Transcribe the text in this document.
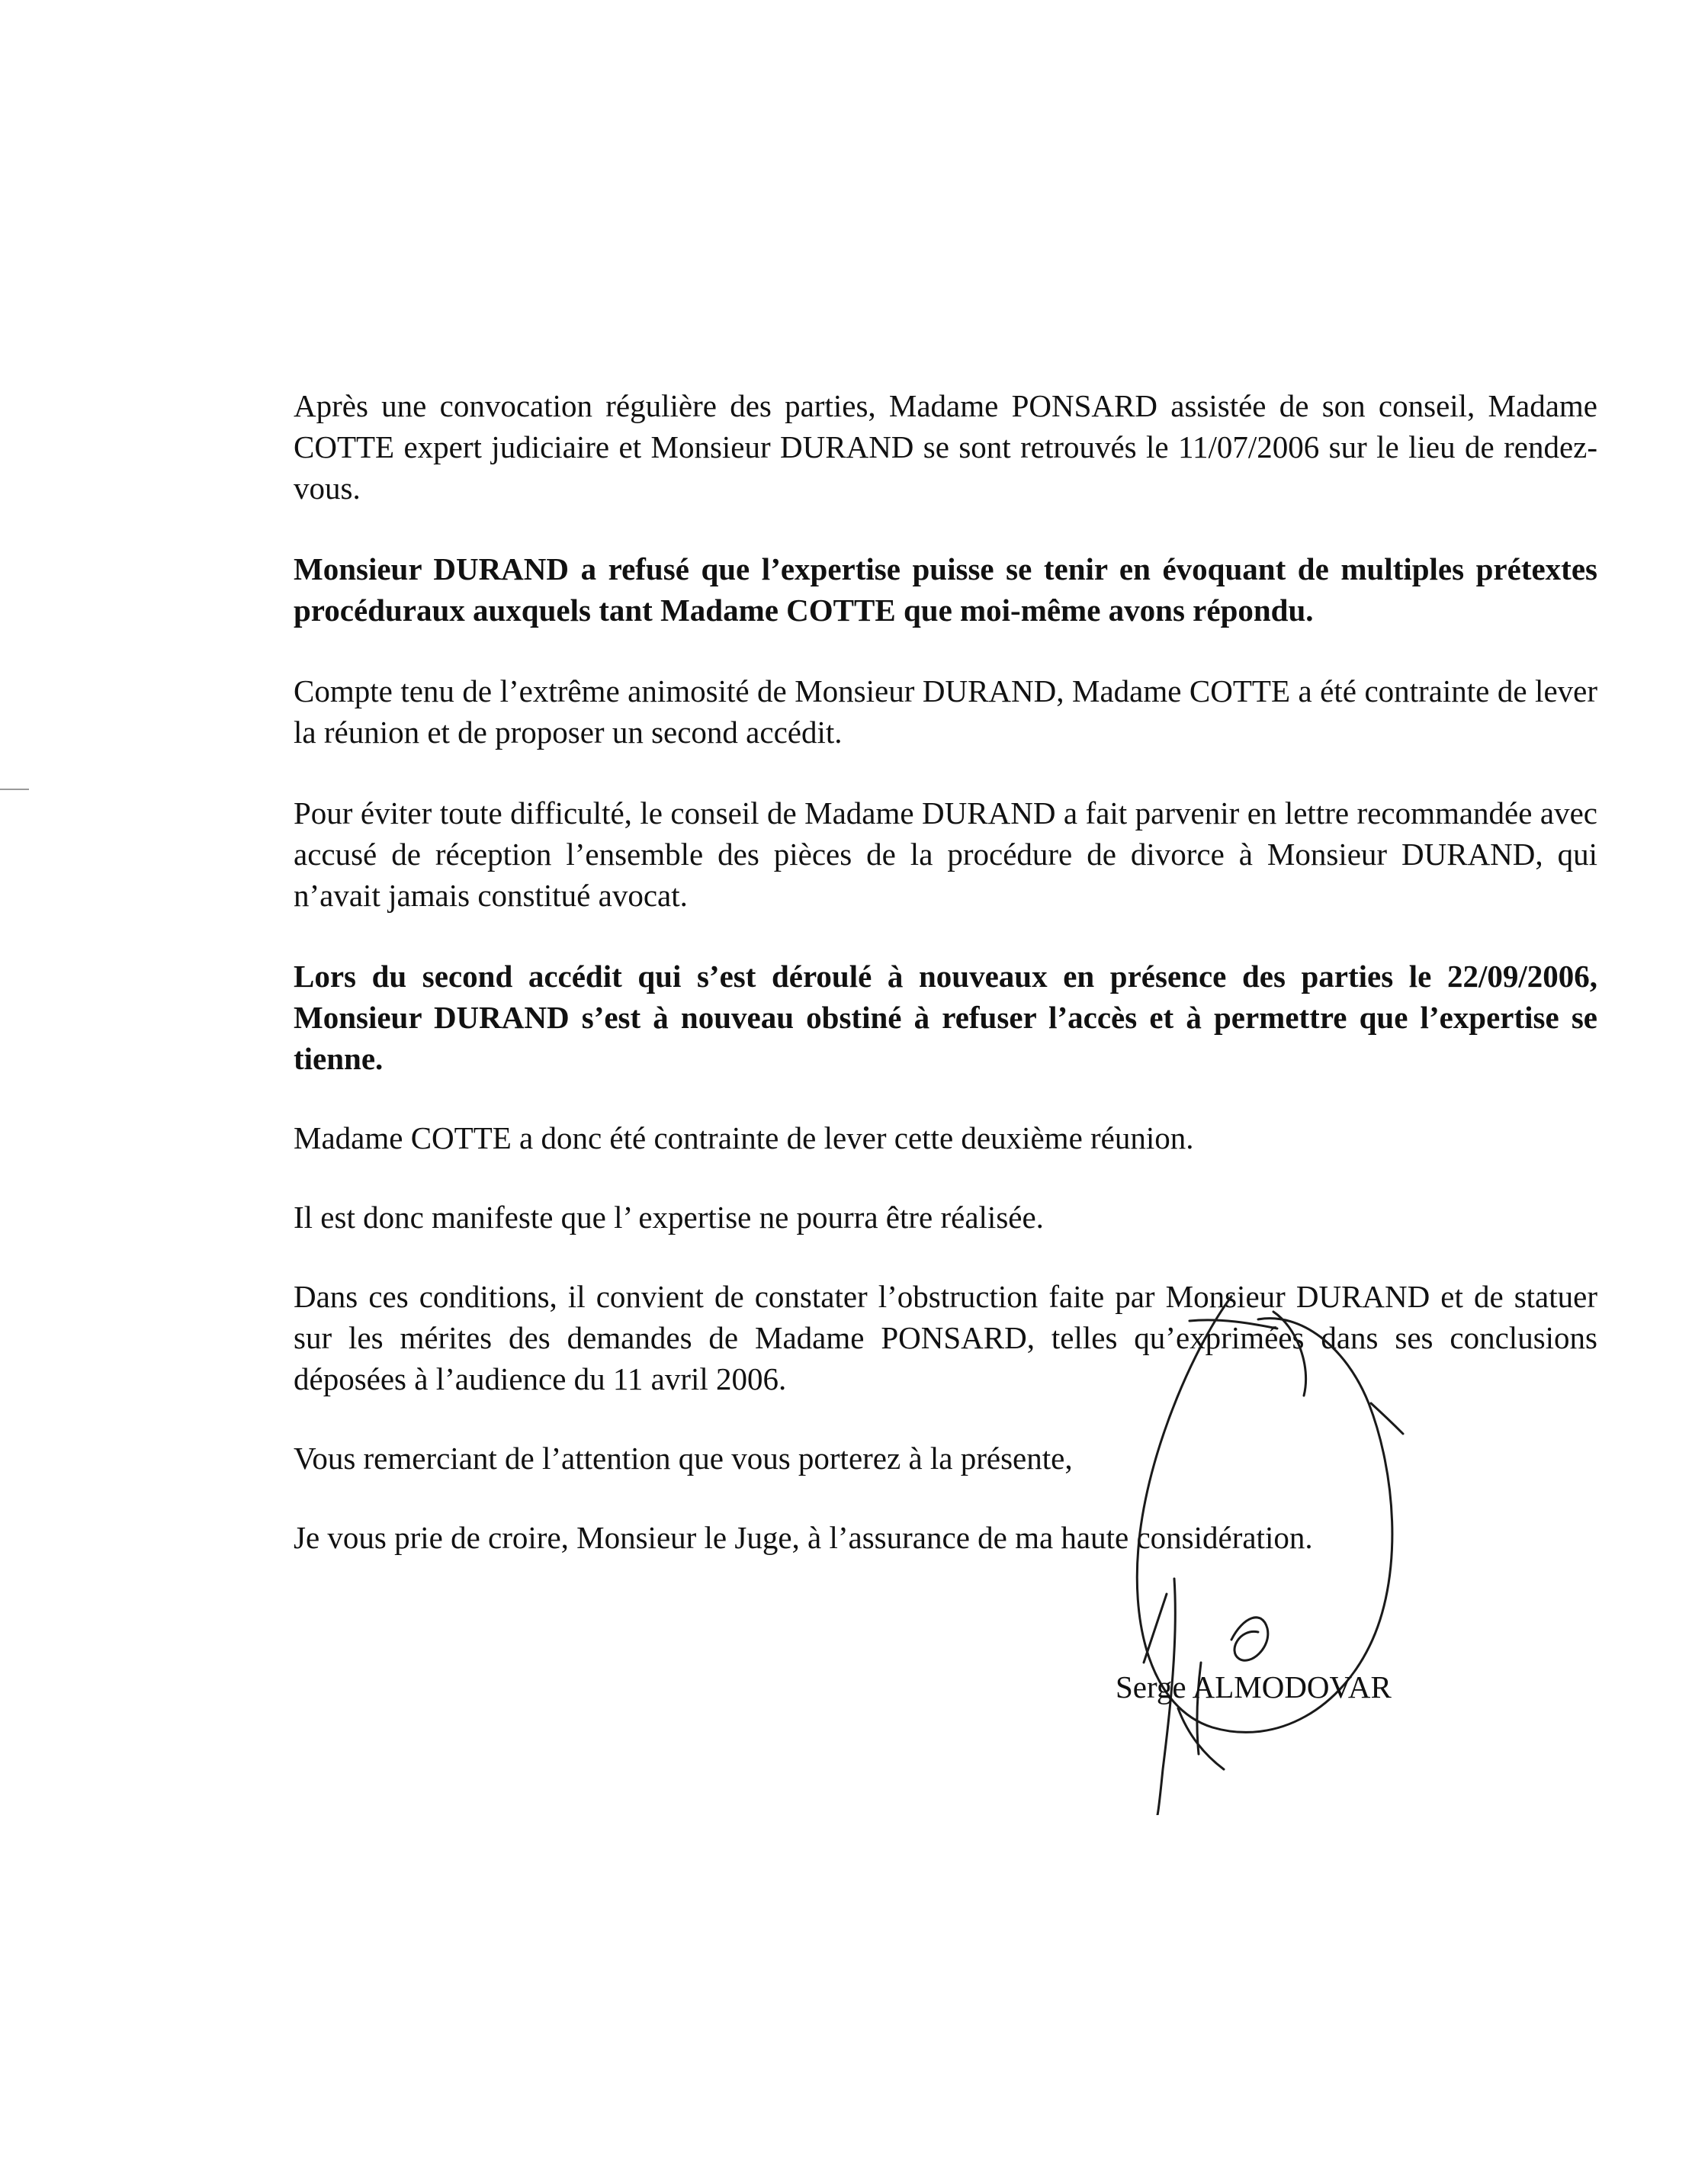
Après une convocation régulière des parties, Madame PONSARD assistée de son conseil, Madame COTTE expert judiciaire et Monsieur DURAND se sont retrouvés le 11/07/2006 sur le lieu de rendez-vous.

Monsieur DURAND a refusé que l’expertise puisse se tenir en évoquant de multiples prétextes procéduraux auxquels tant Madame COTTE que moi-même avons répondu.

Compte tenu de l’extrême animosité de Monsieur DURAND, Madame COTTE a été contrainte de lever la réunion et de proposer un second accédit.

Pour éviter toute difficulté, le conseil de Madame DURAND a fait parvenir en lettre recommandée avec accusé de réception l’ensemble des pièces de la procédure de divorce à Monsieur DURAND, qui n’avait jamais constitué avocat.

Lors du second accédit qui s’est déroulé à nouveaux en présence des parties le 22/09/2006, Monsieur DURAND s’est à nouveau obstiné à refuser l’accès et à permettre que l’expertise se tienne.

Madame COTTE a donc été contrainte de lever cette deuxième réunion.

Il est donc manifeste que l’ expertise ne pourra être réalisée.

Dans ces conditions, il convient de constater l’obstruction faite par Monsieur DURAND et de statuer sur les mérites des demandes de Madame PONSARD, telles qu’exprimées dans ses conclusions déposées à l’audience du 11 avril 2006.

Vous remerciant de l’attention que vous porterez à la présente,

Je vous prie de croire, Monsieur le Juge, à l’assurance de ma haute considération.

Serge ALMODOVAR
